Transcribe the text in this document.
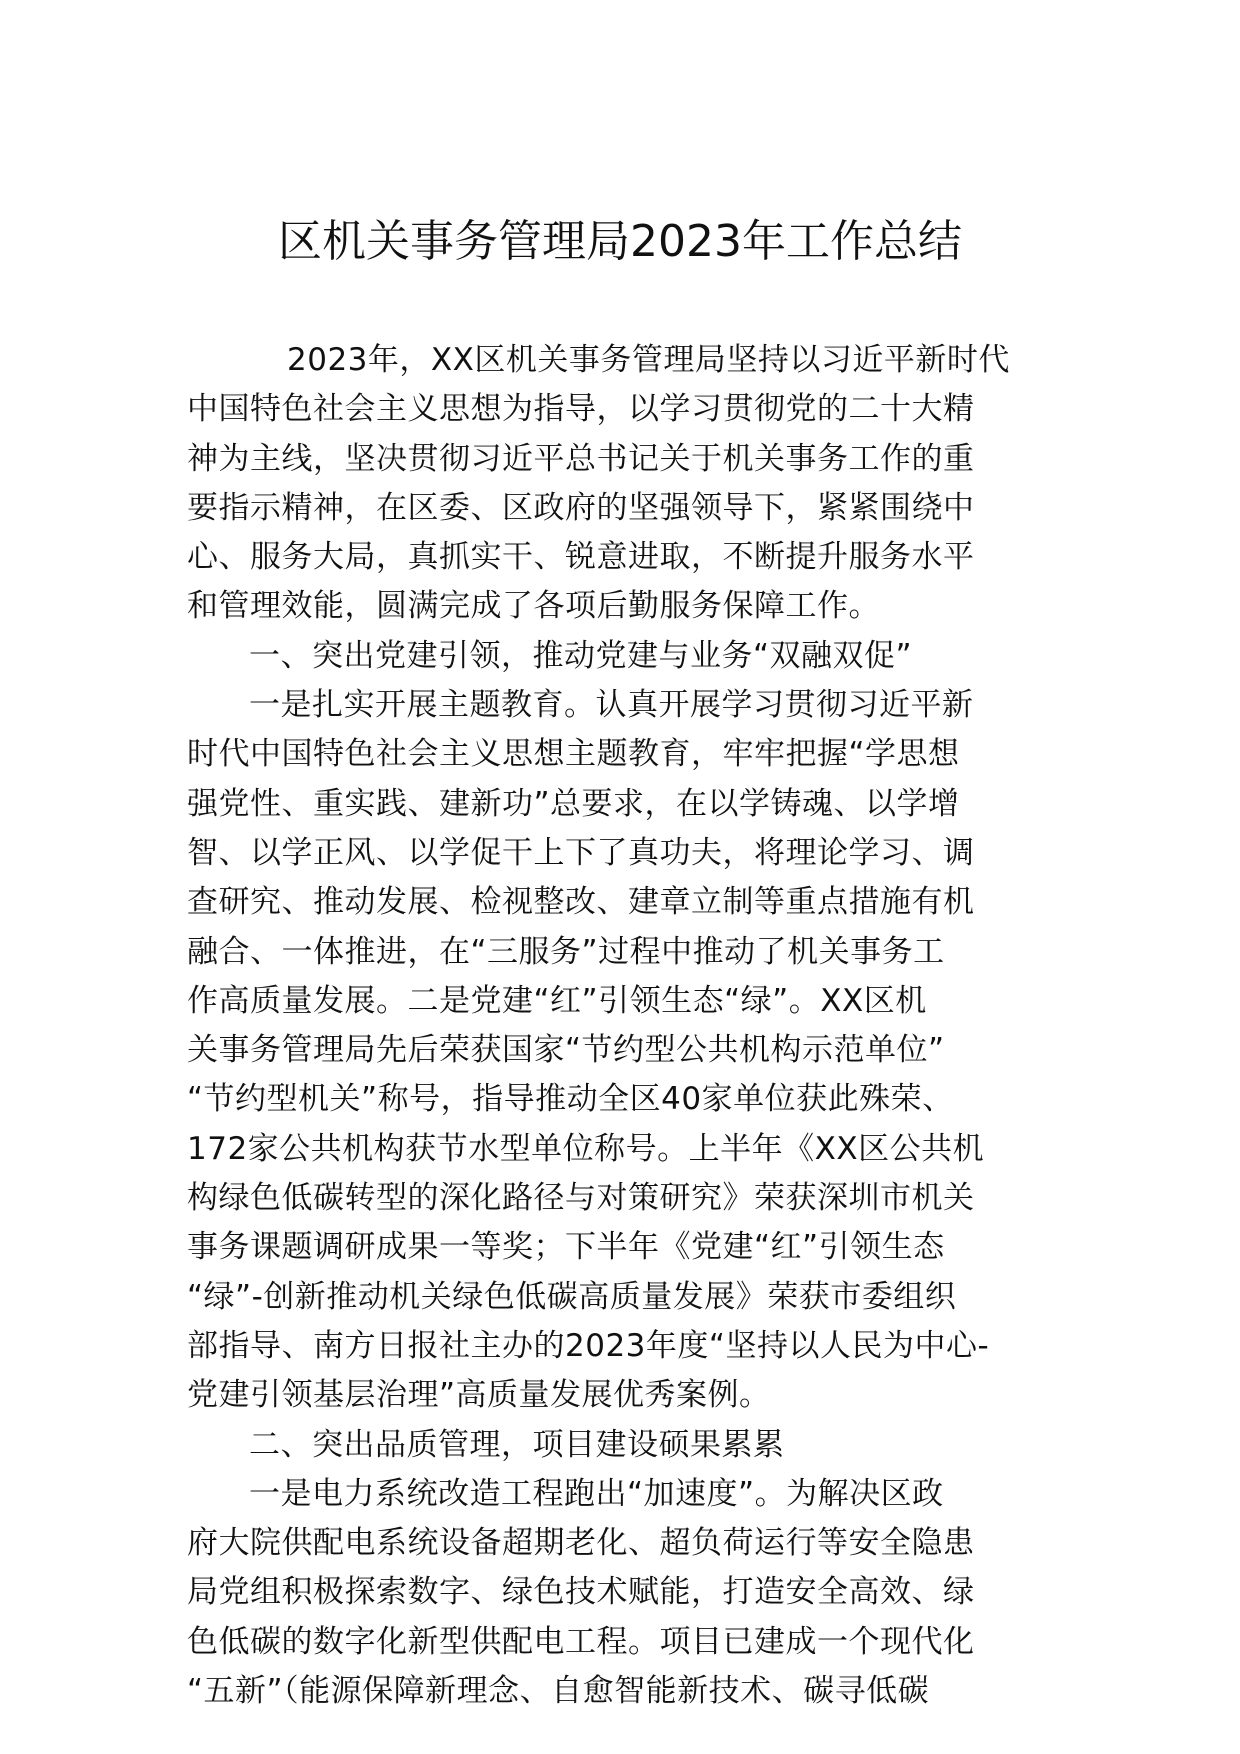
区机关事务管理局2023年工作总结
2023年，XX区机关事务管理局坚持以习近平新时代
中国特色社会主义思想为指导，以学习贯彻党的二十大精
神为主线，坚决贯彻习近平总书记关于机关事务工作的重
要指示精神，在区委、区政府的坚强领导下，紧紧围绕中
心、服务大局，真抓实干、锐意进取，不断提升服务水平
和管理效能，圆满完成了各项后勤服务保障工作。
一、突出党建引领，推动党建与业务“双融双促”
一是扎实开展主题教育。认真开展学习贯彻习近平新
时代中国特色社会主义思想主题教育，牢牢把握“学思想
强党性、重实践、建新功”总要求，在以学铸魂、以学增
智、以学正风、以学促干上下了真功夫，将理论学习、调
查研究、推动发展、检视整改、建章立制等重点措施有机
融合、一体推进，在“三服务”过程中推动了机关事务工
作高质量发展。二是党建“红”引领生态“绿”。XX区机
关事务管理局先后荣获国家“节约型公共机构示范单位”
“节约型机关”称号，指导推动全区40家单位获此殊荣、
172家公共机构获节水型单位称号。上半年《XX区公共机
构绿色低碳转型的深化路径与对策研究》荣获深圳市机关
事务课题调研成果一等奖；下半年《党建“红”引领生态
“绿”-创新推动机关绿色低碳高质量发展》荣获市委组织
部指导、南方日报社主办的2023年度“坚持以人民为中心-
党建引领基层治理”高质量发展优秀案例。
二、突出品质管理，项目建设硕果累累
一是电力系统改造工程跑出“加速度”。为解决区政
府大院供配电系统设备超期老化、超负荷运行等安全隐患
局党组积极探索数字、绿色技术赋能，打造安全高效、绿
色低碳的数字化新型供配电工程。项目已建成一个现代化
“五新”（能源保障新理念、自愈智能新技术、碳寻低碳
